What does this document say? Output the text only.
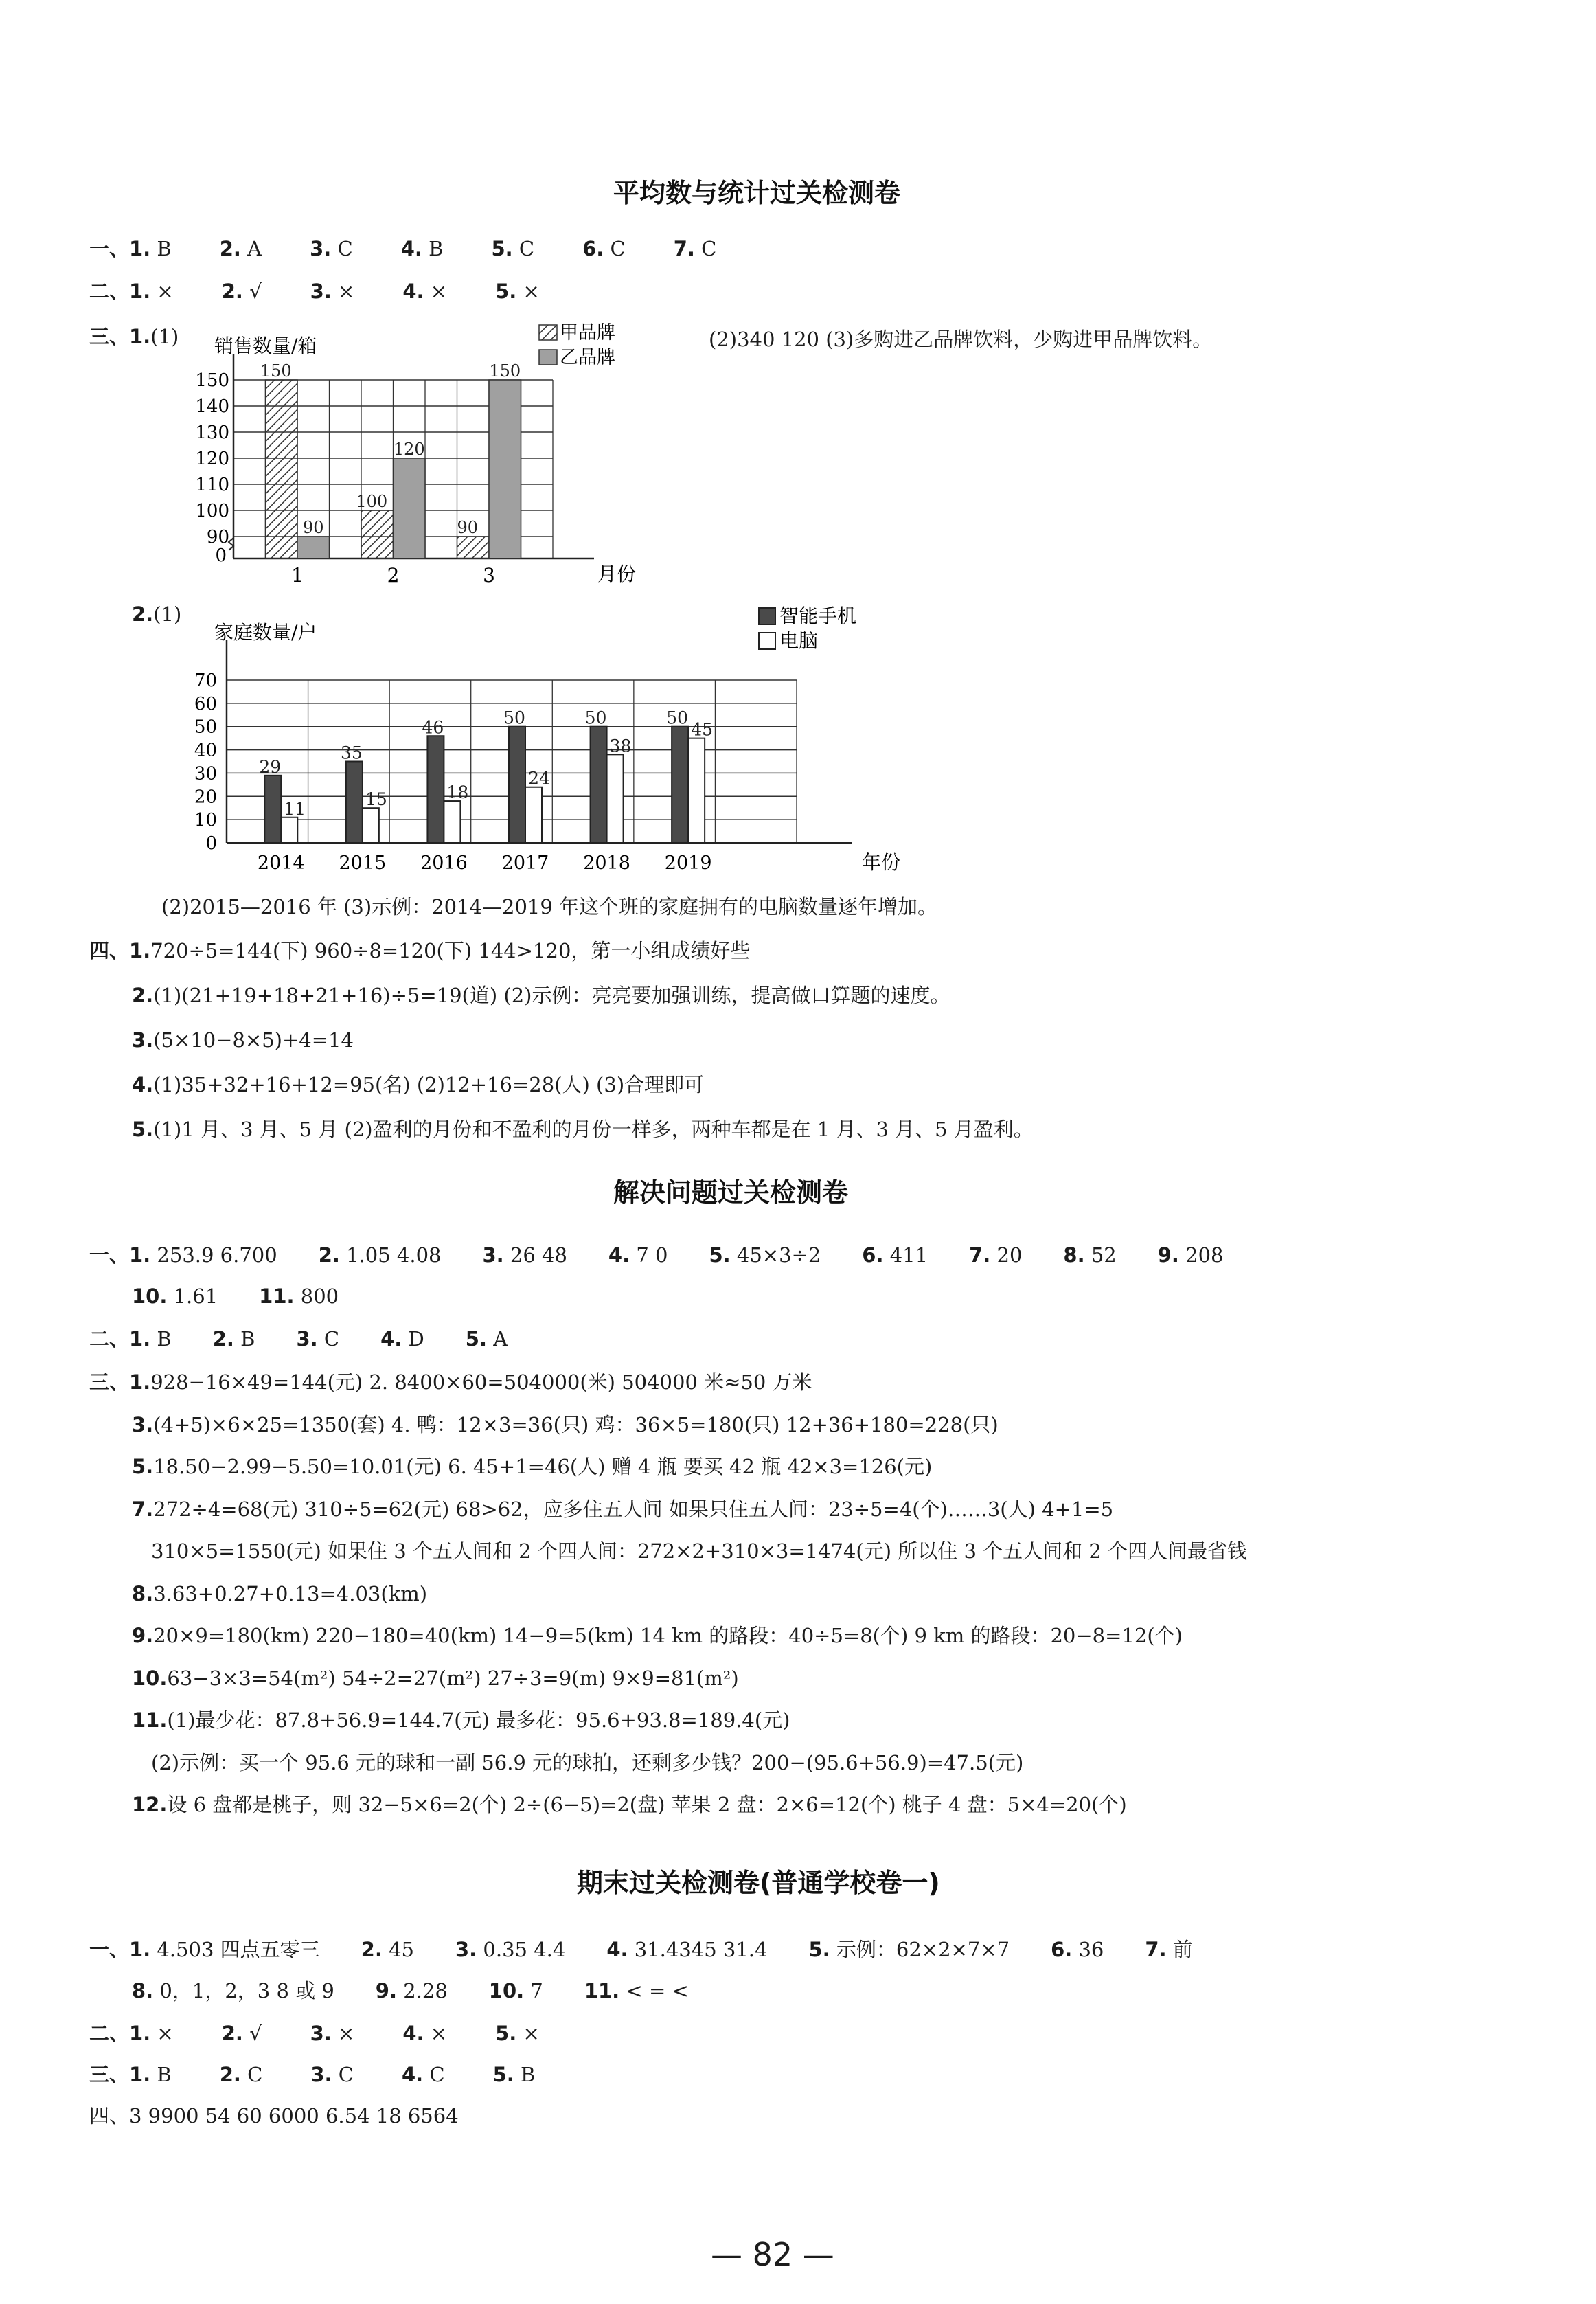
平均数与统计过关检测卷
一、1. B 2. A 3. C 4. B 5. C 6. C 7. C
二、1. × 2. √ 3. × 4. × 5. ×
三、1.(1)	(2)340 120 (3)多购进乙品牌饮料，少购进甲品牌饮料。
0
90
100
110
120
130
140
150
销售数量/箱
月份
150
90
1
100
120
2
90
150
3
甲品牌
乙品牌
2.(1)
0
10
20
30
40
50
60
70
家庭数量/户
年份
29
11
2014
35
15
2015
46
18
2016
50
24
2017
50
38
2018
50
45
2019
智能手机
电脑
(2)2015—2016 年 (3)示例：2014—2019 年这个班的家庭拥有的电脑数量逐年增加。
四、1.720÷5=144(下) 960÷8=120(下) 144>120，第一小组成绩好些
2.(1)(21+19+18+21+16)÷5=19(道) (2)示例：亮亮要加强训练，提高做口算题的速度。
3.(5×10−8×5)+4=14
4.(1)35+32+16+12=95(名) (2)12+16=28(人) (3)合理即可
5.(1)1 月、3 月、5 月 (2)盈利的月份和不盈利的月份一样多，两种车都是在 1 月、3 月、5 月盈利。
解决问题过关检测卷
一、1. 253.9 6.700 2. 1.05 4.08 3. 26 48 4. 7 0 5. 45×3÷2 6. 411 7. 20 8. 52 9. 208
10. 1.61 11. 800
二、1. B 2. B 3. C 4. D 5. A
三、1.928−16×49=144(元) 2. 8400×60=504000(米) 504000 米≈50 万米
3.(4+5)×6×25=1350(套) 4. 鸭：12×3=36(只) 鸡：36×5=180(只) 12+36+180=228(只)
5.18.50−2.99−5.50=10.01(元) 6. 45+1=46(人) 赠 4 瓶 要买 42 瓶 42×3=126(元)
7.272÷4=68(元) 310÷5=62(元) 68>62，应多住五人间 如果只住五人间：23÷5=4(个)……3(人) 4+1=5
310×5=1550(元) 如果住 3 个五人间和 2 个四人间：272×2+310×3=1474(元) 所以住 3 个五人间和 2 个四人间最省钱
8.3.63+0.27+0.13=4.03(km)
9.20×9=180(km) 220−180=40(km) 14−9=5(km) 14 km 的路段：40÷5=8(个) 9 km 的路段：20−8=12(个)
10.63−3×3=54(m²) 54÷2=27(m²) 27÷3=9(m) 9×9=81(m²)
11.(1)最少花：87.8+56.9=144.7(元) 最多花：95.6+93.8=189.4(元)
(2)示例：买一个 95.6 元的球和一副 56.9 元的球拍，还剩多少钱？200−(95.6+56.9)=47.5(元)
12.设 6 盘都是桃子，则 32−5×6=2(个) 2÷(6−5)=2(盘) 苹果 2 盘：2×6=12(个) 桃子 4 盘：5×4=20(个)
期末过关检测卷(普通学校卷一)
一、1. 4.503 四点五零三 2. 45 3. 0.35 4.4 4. 31.4345 31.4 5. 示例：62×2×7×7 6. 36 7. 前
8. 0，1，2，3 8 或 9 9. 2.28 10. 7 11. < = <
二、1. × 2. √ 3. × 4. × 5. ×
三、1. B 2. C 3. C 4. C 5. B
四、3 9900 54 60 6000 6.54 18 6564
— 82 —
